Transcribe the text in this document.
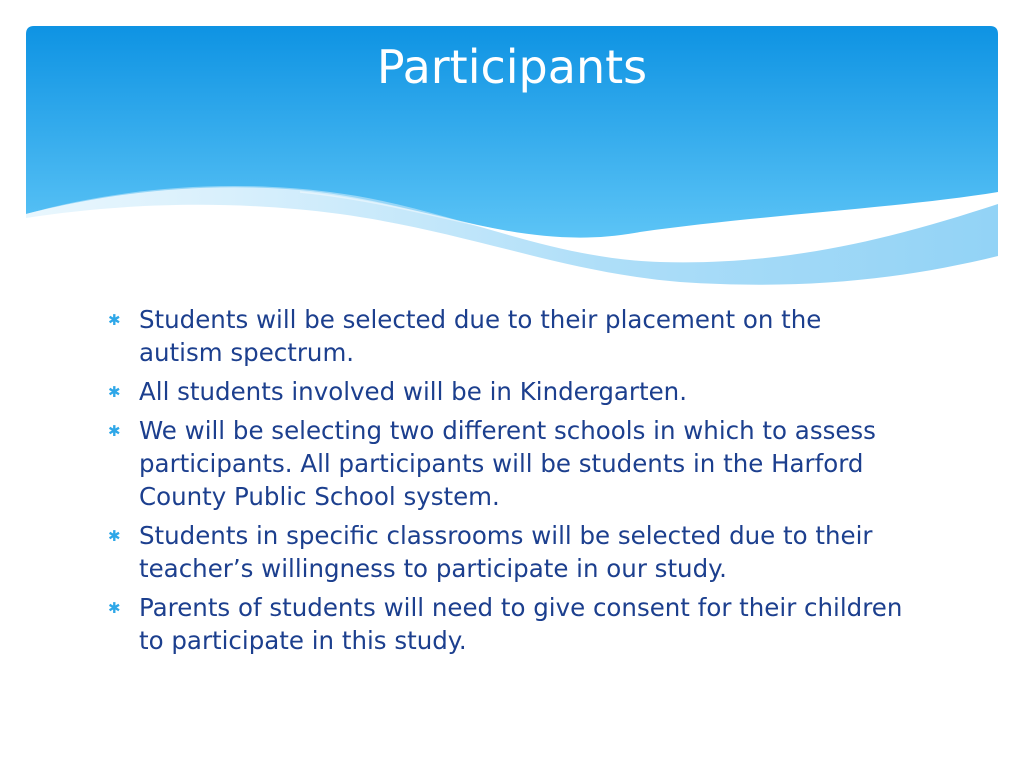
Participants
✱ Students will be selected due to their placement on the autism spectrum.
✱ All students involved will be in Kindergarten.
✱ We will be selecting two different schools in which to assess participants. All participants will be students in the Harford County Public School system.
✱ Students in specific classrooms will be selected due to their teacher’s willingness to participate in our study.
✱ Parents of students will need to give consent for their children to participate in this study.
